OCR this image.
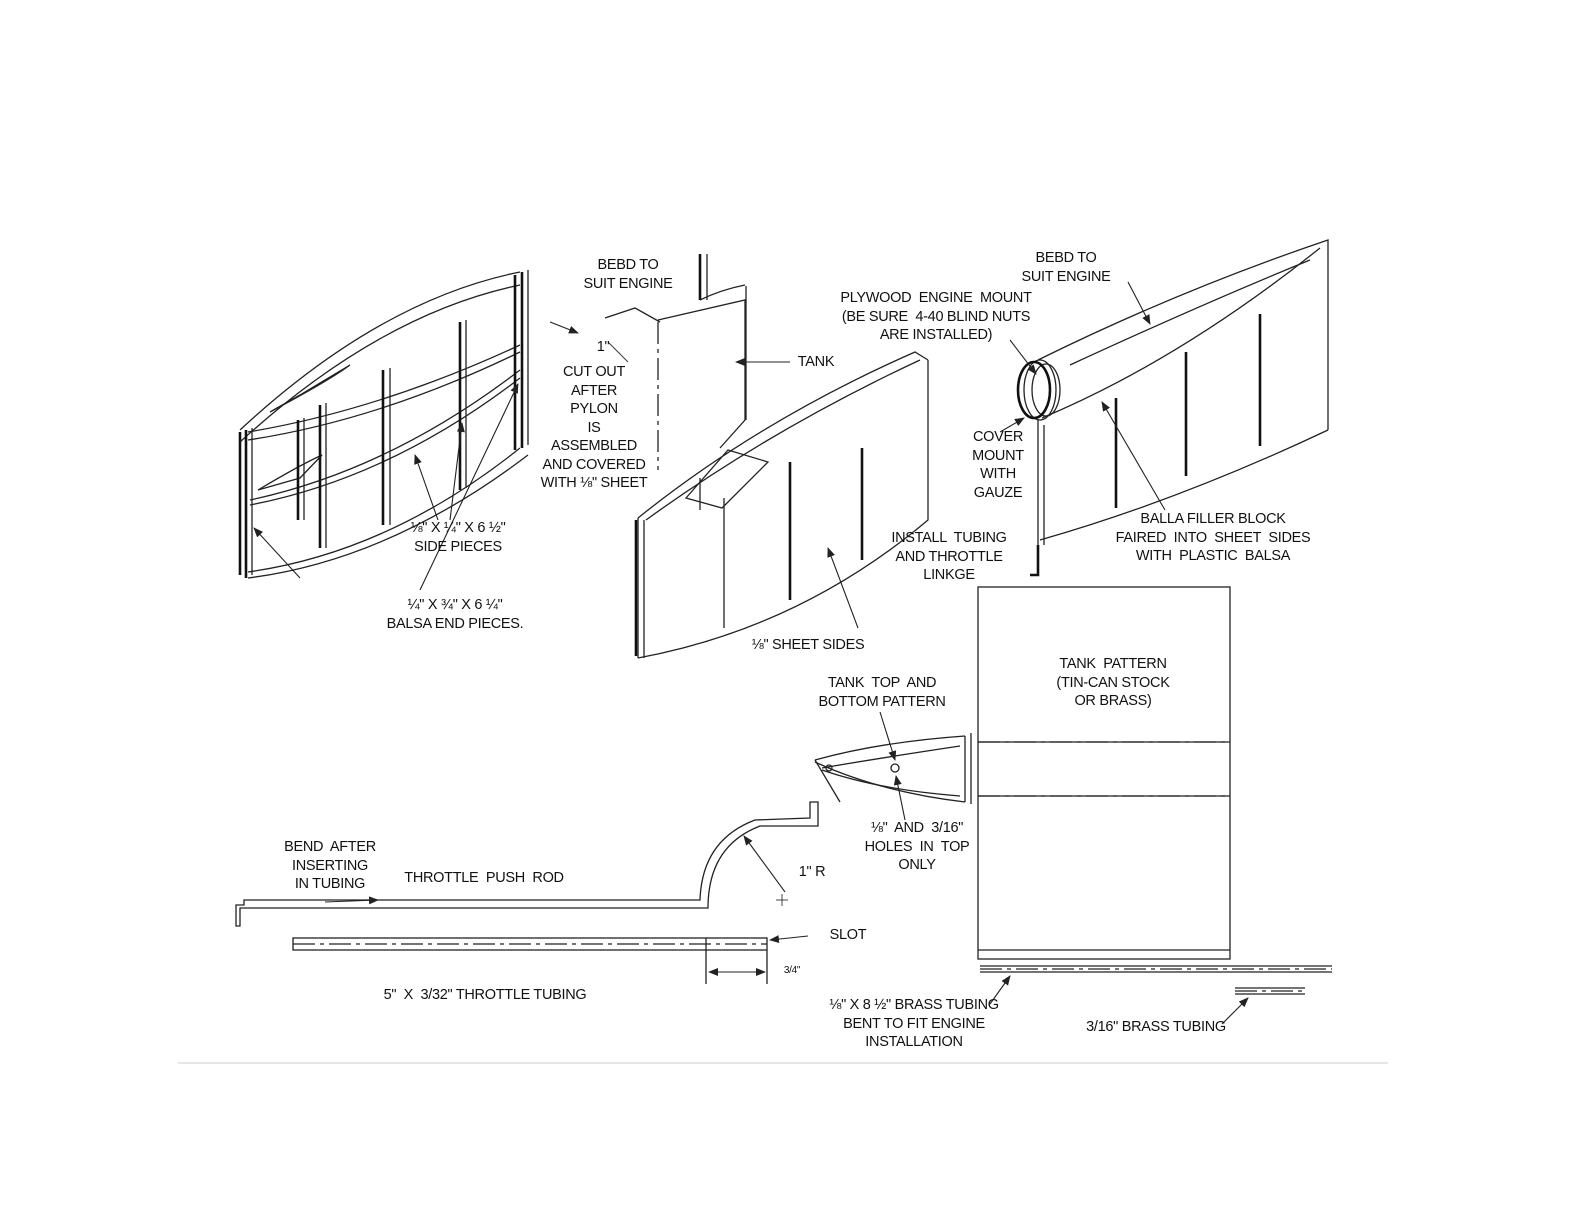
BEBD TO
SUIT ENGINE
1"
CUT OUT
AFTER
PYLON
IS
ASSEMBLED
AND COVERED
WITH ⅛" SHEET
TANK
⅛" X ¼" X 6 ½"
SIDE PIECES
¼" X ¾" X 6 ¼"
BALSA END PIECES.
⅛" SHEET SIDES
BEBD TO
SUIT ENGINE
PLYWOOD  ENGINE  MOUNT
(BE SURE  4-40 BLIND NUTS
ARE INSTALLED)
COVER
MOUNT
WITH
GAUZE
INSTALL  TUBING
AND THROTTLE
LINKGE
BALLA FILLER BLOCK
FAIRED  INTO  SHEET  SIDES
WITH  PLASTIC  BALSA
TANK  TOP  AND
BOTTOM PATTERN
TANK  PATTERN
(TIN-CAN STOCK
OR BRASS)
⅛"  AND  3/16"
HOLES  IN  TOP
ONLY
1" R
BEND  AFTER
INSERTING
IN TUBING	THROTTLE  PUSH  ROD
SLOT
3/4"
5"  X  3/32" THROTTLE TUBING
⅛" X 8 ½" BRASS TUBING
BENT TO FIT ENGINE
INSTALLATION
3/16" BRASS TUBING
